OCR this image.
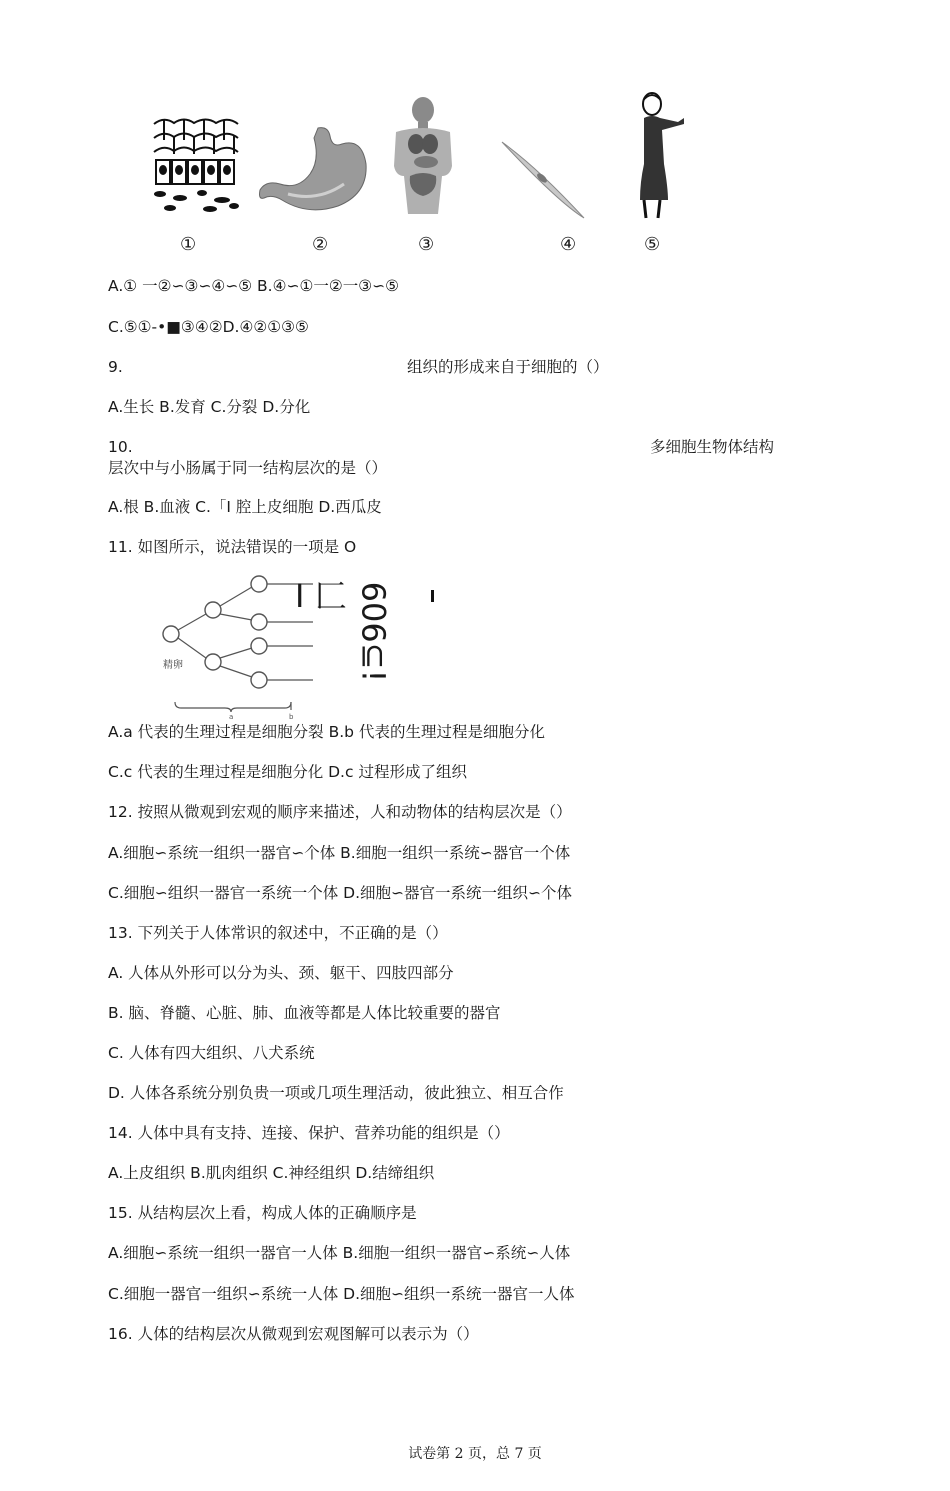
①	②	③	④	⑤
A.① 一②∽③∽④∽⑤ B.④∽①一②一③∽⑤
C.⑤①-•■③④②D.④②①③⑤
9.	组织的形成来自于细胞的（）
A.生长 B.发育 C.分裂 D.分化
10.	多细胞生物体结构
层次中与小肠属于同一结构层次的是（）
A.根 B.血液 C.「I 腔上皮细胞 D.西瓜皮
11. 如图所示，说法错误的一项是 O
精卵
a	b
I 匚 606⊆!
A.a 代表的生理过程是细胞分裂 B.b 代表的生理过程是细胞分化
C.c 代表的生理过程是细胞分化 D.c 过程形成了组织
12. 按照从微观到宏观的顺序来描述，人和动物体的结构层次是（）
A.细胞∽系统一组织一器官∽个体 B.细胞一组织一系统∽器官一个体
C.细胞∽组织一器官一系统一个体 D.细胞∽器官一系统一组织∽个体
13. 下列关于人体常识的叙述中，不正确的是（）
A. 人体从外形可以分为头、颈、躯干、四肢四部分
B. 脑、脊髓、心脏、肺、血液等都是人体比较重要的器官
C. 人体有四大组织、八犬系统
D. 人体各系统分别负贵一项或几项生理活动，彼此独立、相互合作
14. 人体中具有支持、连接、保护、营养功能的组织是（）
A.上皮组织 B.肌肉组织 C.神经组织 D.结缔组织
15. 从结构层次上看，构成人体的正确顺序是
A.细胞∽系统一组织一器官一人体 B.细胞一组织一器官∽系统∽人体
C.细胞一器官一组织∽系统一人体 D.细胞∽组织一系统一器官一人体
16. 人体的结构层次从微观到宏观图解可以表示为（）
试卷第 2 页，总 7 页
